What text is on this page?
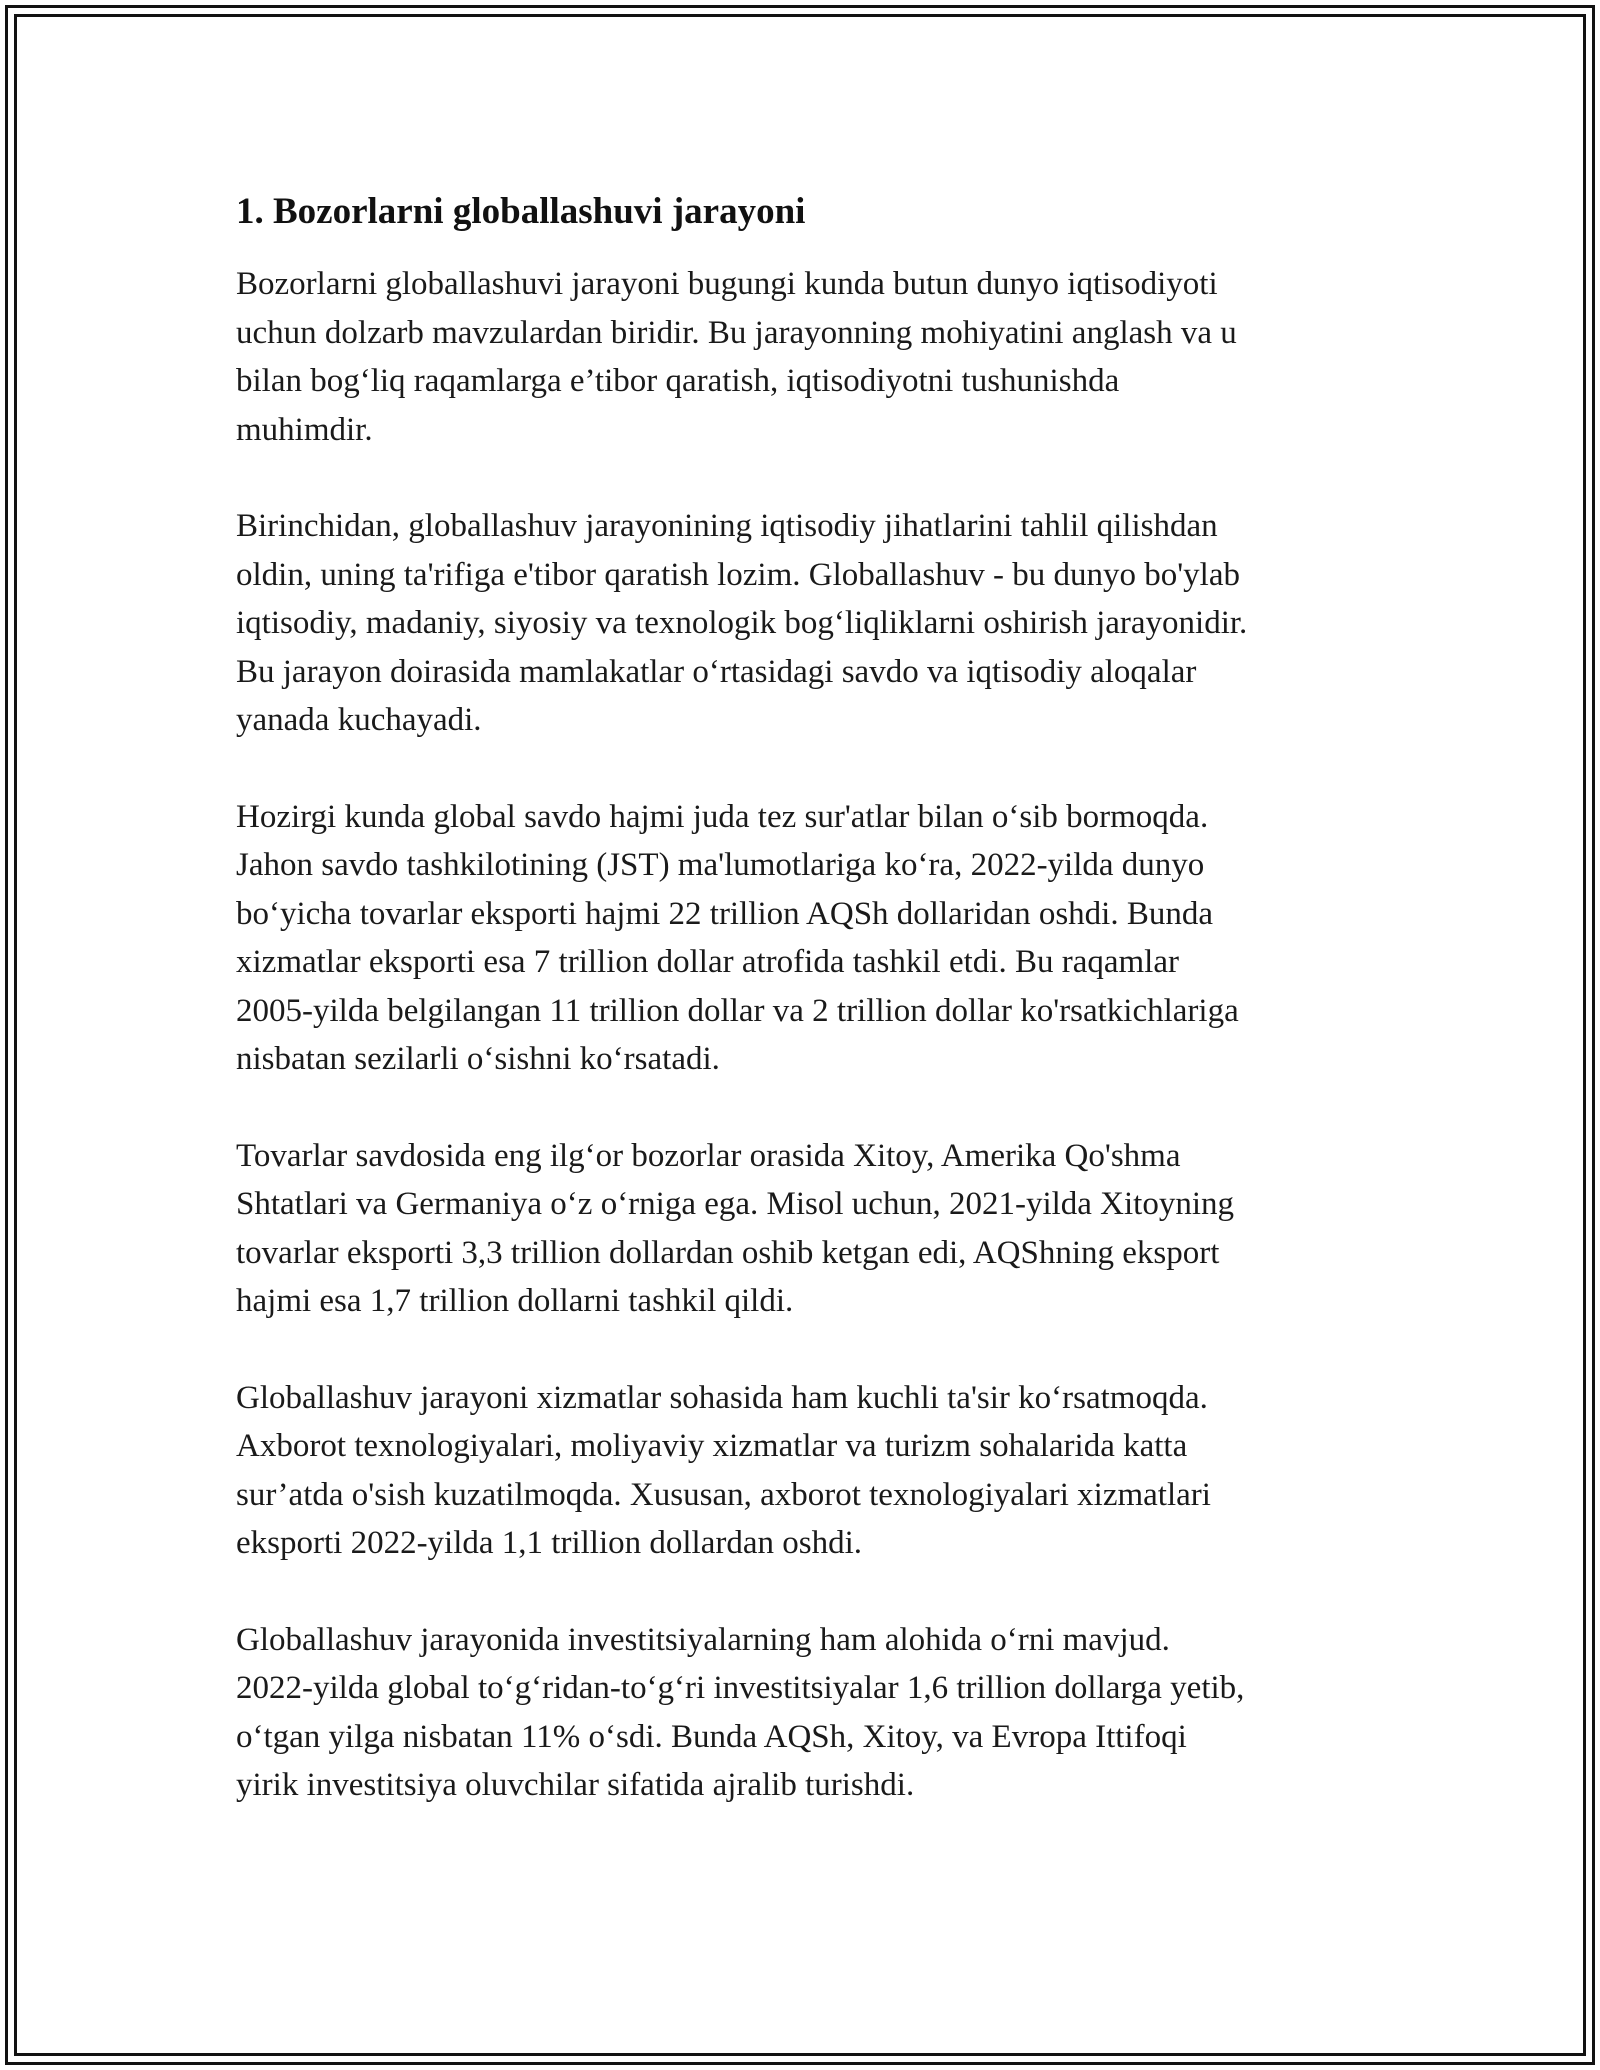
1. Bozorlarni globallashuvi jarayoni

Bozorlarni globallashuvi jarayoni bugungi kunda butun dunyo iqtisodiyoti
uchun dolzarb mavzulardan biridir. Bu jarayonning mohiyatini anglash va u
bilan bog‘liq raqamlarga e’tibor qaratish, iqtisodiyotni tushunishda
muhimdir.

Birinchidan, globallashuv jarayonining iqtisodiy jihatlarini tahlil qilishdan
oldin, uning ta'rifiga e'tibor qaratish lozim. Globallashuv - bu dunyo bo'ylab
iqtisodiy, madaniy, siyosiy va texnologik bog‘liqliklarni oshirish jarayonidir.
Bu jarayon doirasida mamlakatlar o‘rtasidagi savdo va iqtisodiy aloqalar
yanada kuchayadi.

Hozirgi kunda global savdo hajmi juda tez sur'atlar bilan o‘sib bormoqda.
Jahon savdo tashkilotining (JST) ma'lumotlariga ko‘ra, 2022-yilda dunyo
bo‘yicha tovarlar eksporti hajmi 22 trillion AQSh dollaridan oshdi. Bunda
xizmatlar eksporti esa 7 trillion dollar atrofida tashkil etdi. Bu raqamlar
2005-yilda belgilangan 11 trillion dollar va 2 trillion dollar ko'rsatkichlariga
nisbatan sezilarli o‘sishni ko‘rsatadi.

Tovarlar savdosida eng ilg‘or bozorlar orasida Xitoy, Amerika Qo'shma
Shtatlari va Germaniya o‘z o‘rniga ega. Misol uchun, 2021-yilda Xitoyning
tovarlar eksporti 3,3 trillion dollardan oshib ketgan edi, AQShning eksport
hajmi esa 1,7 trillion dollarni tashkil qildi.

Globallashuv jarayoni xizmatlar sohasida ham kuchli ta'sir ko‘rsatmoqda.
Axborot texnologiyalari, moliyaviy xizmatlar va turizm sohalarida katta
sur’atda o'sish kuzatilmoqda. Xususan, axborot texnologiyalari xizmatlari
eksporti 2022-yilda 1,1 trillion dollardan oshdi.

Globallashuv jarayonida investitsiyalarning ham alohida o‘rni mavjud.
2022-yilda global to‘g‘ridan-to‘g‘ri investitsiyalar 1,6 trillion dollarga yetib,
o‘tgan yilga nisbatan 11% o‘sdi. Bunda AQSh, Xitoy, va Evropa Ittifoqi
yirik investitsiya oluvchilar sifatida ajralib turishdi.
